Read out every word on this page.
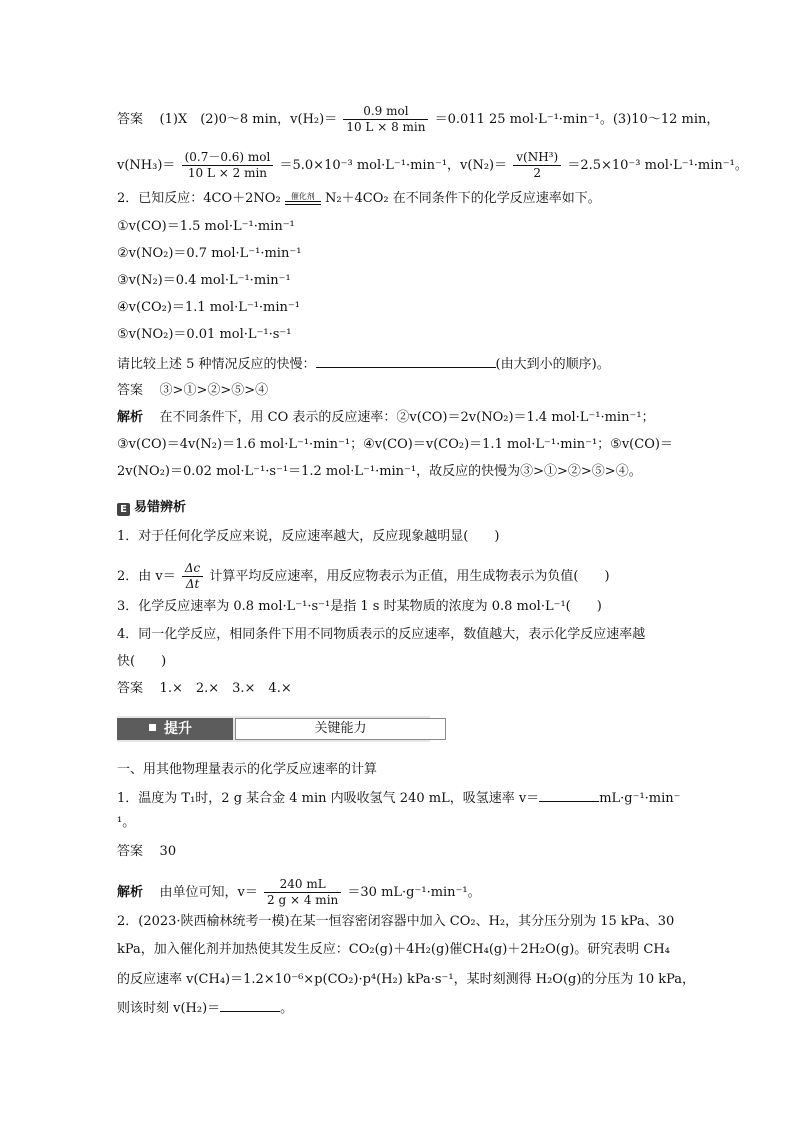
答案 (1)X　(2)0～8 min，$v(H_2)= \frac{\text{0.9 mol}}{10 L \times 8 \min} =0.011$ 25 mol·L⁻¹·min⁻¹。(3)10～12 min，
$v(NH_3)= \frac{\text{(0.7－0.6) mol}}{10 L \times 2 \min} =5.0\times 10^{-3}$ mol·L⁻¹·min⁻¹，$v(N_2)= \frac{\text{v(NH³)}}{2} =2.5\times 10^{-3}$ mol·L⁻¹·min⁻¹。
2．已知反应：4CO＋2NO₂	催化剂 N₂＋4CO₂ 在不同条件下的化学反应速率如下。
①v(CO)＝1.5 mol·L⁻¹·min⁻¹
②v(NO₂)＝0.7 mol·L⁻¹·min⁻¹
③v(N₂)＝0.4 mol·L⁻¹·min⁻¹
④v(CO₂)＝1.1 mol·L⁻¹·min⁻¹
⑤v(NO₂)＝0.01 mol·L⁻¹·s⁻¹
请比较上述 5 种情况反应的快慢：	(由大到小的顺序)。
答案 ③>①>②>⑤>④
解析 在不同条件下，用 CO 表示的反应速率：②v(CO)＝2v(NO₂)＝1.4 mol·L⁻¹·min⁻¹；
③v(CO)＝4v(N₂)＝1.6 mol·L⁻¹·min⁻¹；④v(CO)＝v(CO₂)＝1.1 mol·L⁻¹·min⁻¹；⑤v(CO)＝
2v(NO₂)＝0.02 mol·L⁻¹·s⁻¹＝1.2 mol·L⁻¹·min⁻¹，故反应的快慢为③>①>②>⑤>④。
E 易错辨析
1．对于任何化学反应来说，反应速率越大，反应现象越明显(　　)
2．由 $v= \frac{\Delta c}{\Delta t}$ 计算平均反应速率，用反应物表示为正值，用生成物表示为负值(　　)
3．化学反应速率为 0.8 mol·L⁻¹·s⁻¹是指 1 s 时某物质的浓度为 0.8 mol·L⁻¹(　　)
4．同一化学反应，相同条件下用不同物质表示的反应速率，数值越大，表示化学反应速率越
快(　　)
答案 1.×　2.×　3.×　4.×
提升	关键能力
一、用其他物理量表示的化学反应速率的计算
1．温度为 T₁时，2 g 某合金 4 min 内吸收氢气 240 mL，吸氢速率 v＝	mL·g⁻¹·min⁻
¹。
答案 30
解析 由单位可知，$v= \frac{240 mL}{2 g \times 4 \min} =30$ mL·g⁻¹·min⁻¹。
2．(2023·陕西榆林统考一模)在某一恒容密闭容器中加入 CO₂、H₂，其分压分别为 15 kPa、30
kPa，加入催化剂并加热使其发生反应：CO₂(g)＋4H₂(g)催CH₄(g)＋2H₂O(g)。研究表明 CH₄
的反应速率 v(CH₄)＝1.2×10⁻⁶×p(CO₂)·p⁴(H₂) kPa·s⁻¹，某时刻测得 H₂O(g)的分压为 10 kPa，
则该时刻 v(H₂)＝	。
